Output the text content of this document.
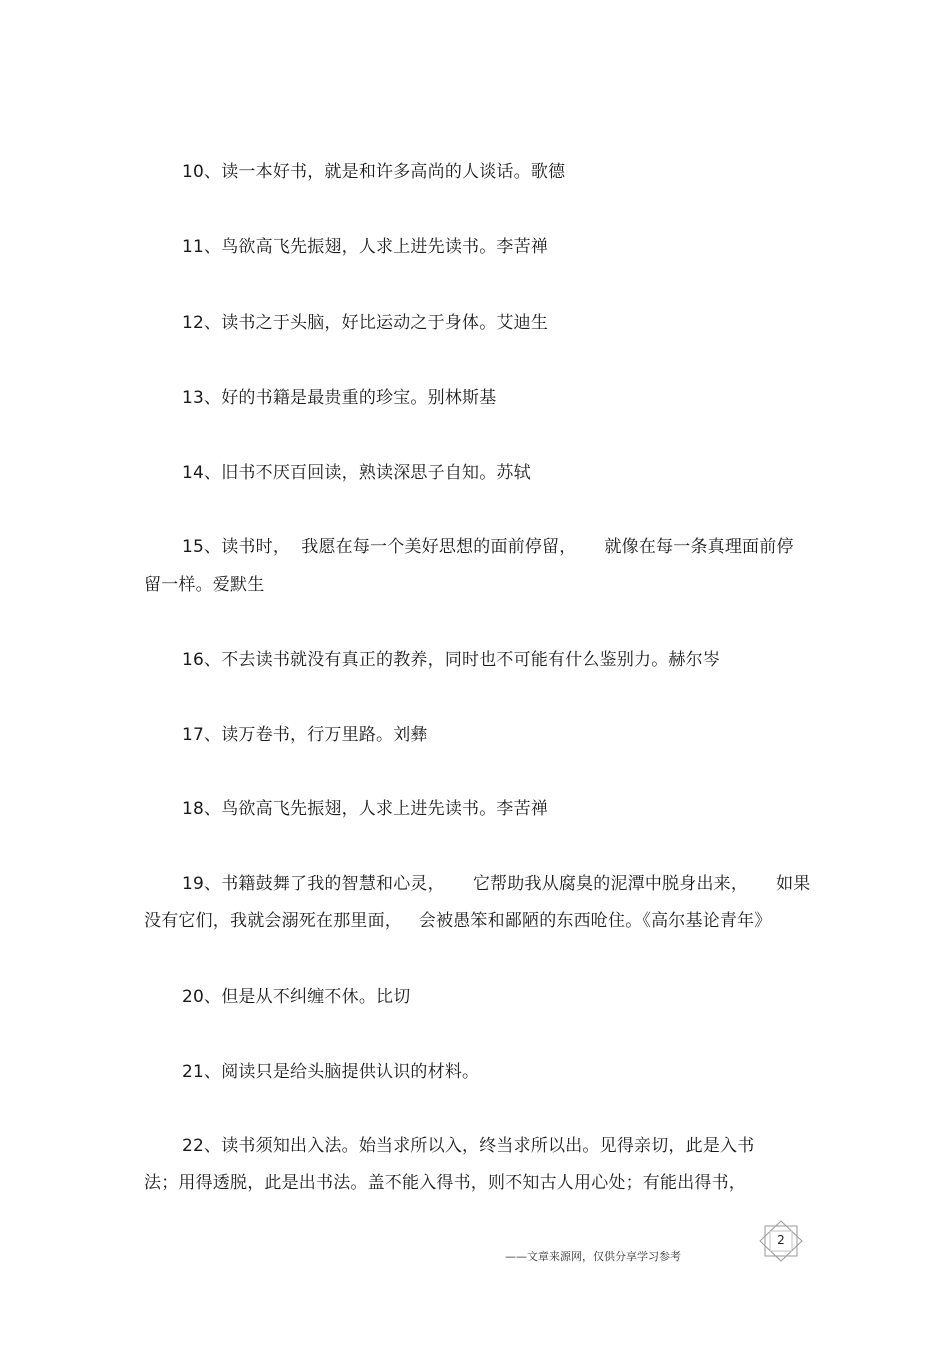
10、读一本好书，就是和许多高尚的人谈话。歌德
11、鸟欲高飞先振翅，人求上进先读书。李苦禅
12、读书之于头脑，好比运动之于身体。艾迪生
13、好的书籍是最贵重的珍宝。别林斯基
14、旧书不厌百回读，熟读深思子自知。苏轼
15、读书时，  我愿在每一个美好思想的面前停留，     就像在每一条真理面前停
留一样。爱默生
16、不去读书就没有真正的教养，同时也不可能有什么鉴别力。赫尔岑
17、读万卷书，行万里路。刘彝
18、鸟欲高飞先振翅，人求上进先读书。李苦禅
19、书籍鼓舞了我的智慧和心灵，     它帮助我从腐臭的泥潭中脱身出来，     如果
没有它们，我就会溺死在那里面，   会被愚笨和鄙陋的东西呛住。《高尔基论青年》
20、但是从不纠缠不休。比切
21、阅读只是给头脑提供认识的材料。
22、读书须知出入法。始当求所以入，终当求所以出。见得亲切，此是入书
法；用得透脱，此是出书法。盖不能入得书，则不知古人用心处；有能出得书，
——文章来源网，仅供分享学习参考
2
